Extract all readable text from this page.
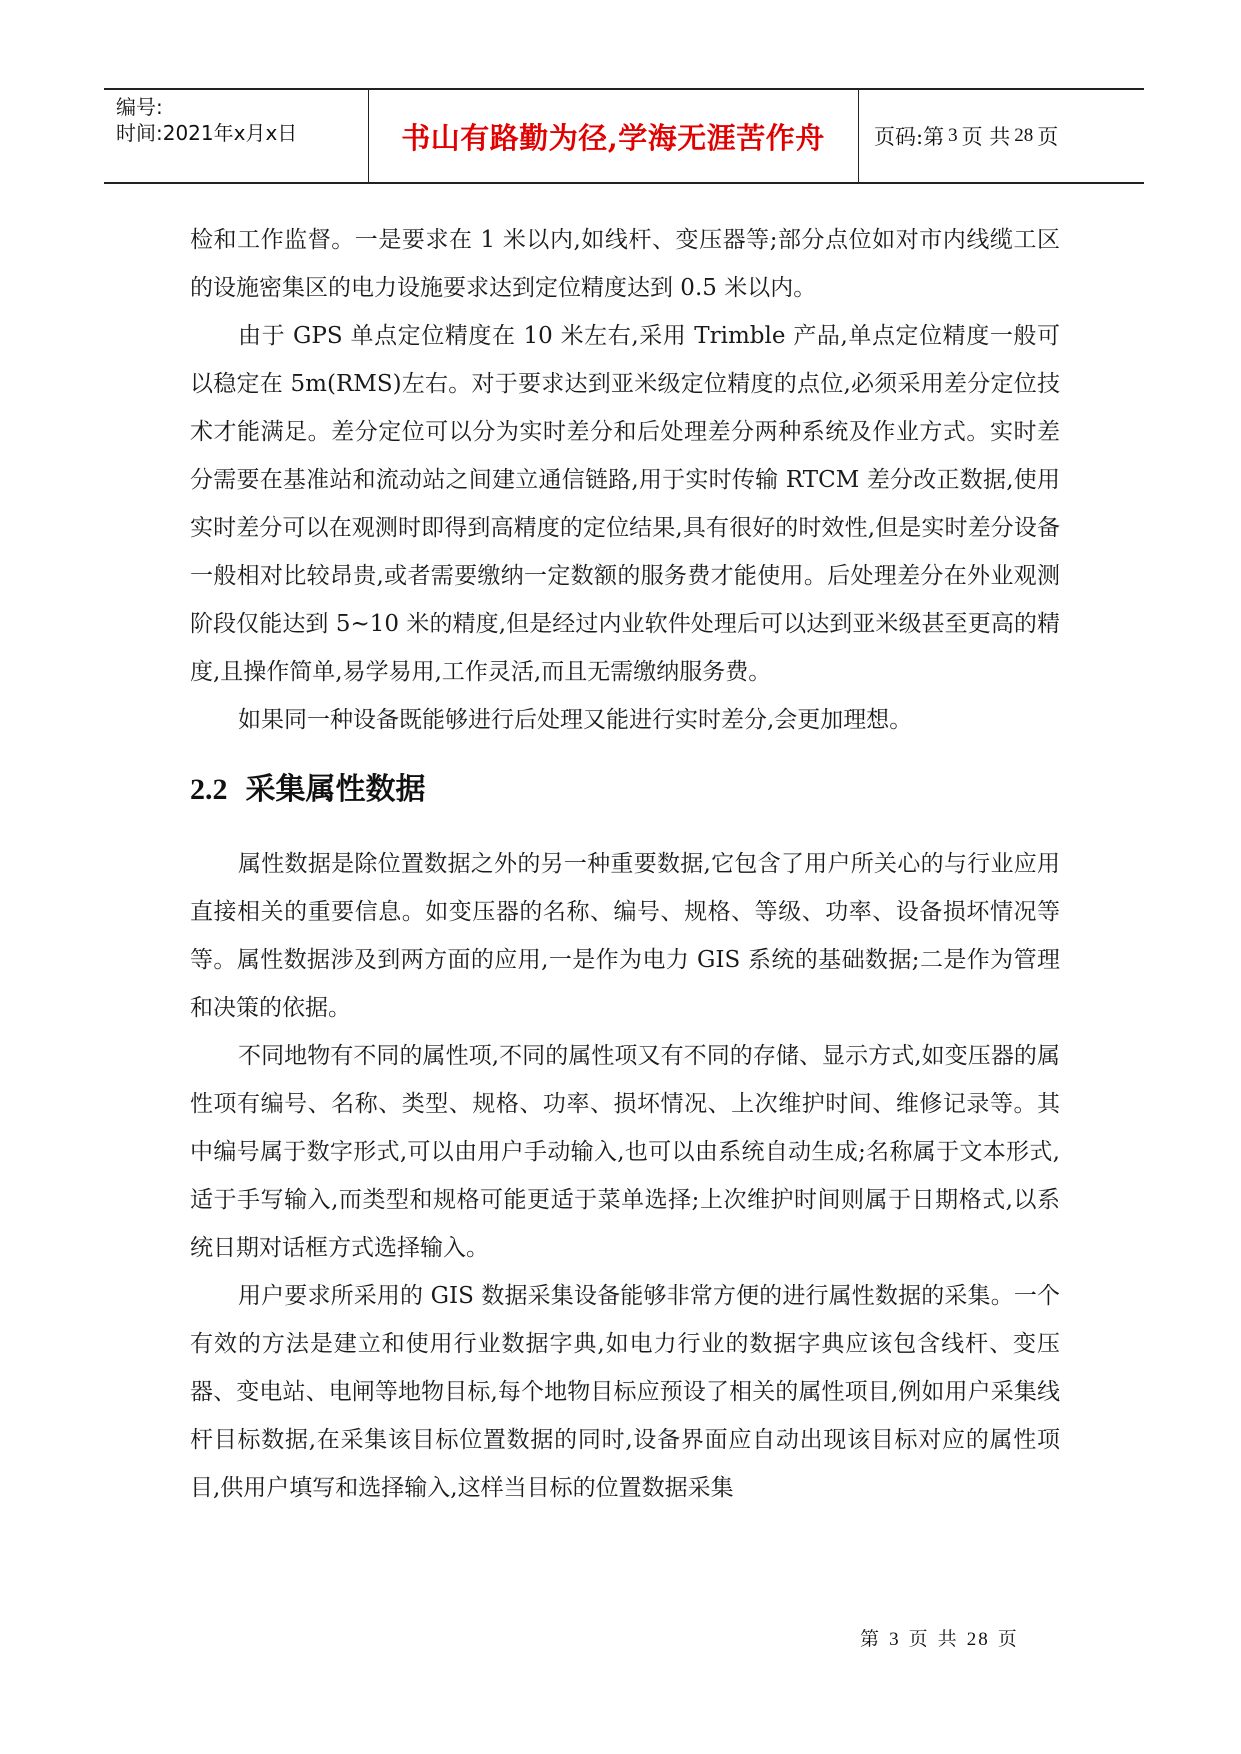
编号:
时间:2021年x月x日	书山有路勤为径,学海无涯苦作舟	页码:第 3 页 共 28 页

检和工作监督。一是要求在 1 米以内,如线杆、变压器等;部分点位如对市内线缆工区的设施密集区的电力设施要求达到定位精度达到 0.5 米以内。

由于 GPS 单点定位精度在 10 米左右,采用 Trimble 产品,单点定位精度一般可以稳定在 5m(RMS)左右。对于要求达到亚米级定位精度的点位,必须采用差分定位技术才能满足。差分定位可以分为实时差分和后处理差分两种系统及作业方式。实时差分需要在基准站和流动站之间建立通信链路,用于实时传输 RTCM 差分改正数据,使用实时差分可以在观测时即得到高精度的定位结果,具有很好的时效性,但是实时差分设备一般相对比较昂贵,或者需要缴纳一定数额的服务费才能使用。后处理差分在外业观测阶段仅能达到 5~10 米的精度,但是经过内业软件处理后可以达到亚米级甚至更高的精度,且操作简单,易学易用,工作灵活,而且无需缴纳服务费。

如果同一种设备既能够进行后处理又能进行实时差分,会更加理想。

2.2 采集属性数据

属性数据是除位置数据之外的另一种重要数据,它包含了用户所关心的与行业应用直接相关的重要信息。如变压器的名称、编号、规格、等级、功率、设备损坏情况等等。属性数据涉及到两方面的应用,一是作为电力 GIS 系统的基础数据;二是作为管理和决策的依据。

不同地物有不同的属性项,不同的属性项又有不同的存储、显示方式,如变压器的属性项有编号、名称、类型、规格、功率、损坏情况、上次维护时间、维修记录等。其中编号属于数字形式,可以由用户手动输入,也可以由系统自动生成;名称属于文本形式,适于手写输入,而类型和规格可能更适于菜单选择;上次维护时间则属于日期格式,以系统日期对话框方式选择输入。

用户要求所采用的 GIS 数据采集设备能够非常方便的进行属性数据的采集。一个有效的方法是建立和使用行业数据字典,如电力行业的数据字典应该包含线杆、变压器、变电站、电闸等地物目标,每个地物目标应预设了相关的属性项目,例如用户采集线杆目标数据,在采集该目标位置数据的同时,设备界面应自动出现该目标对应的属性项目,供用户填写和选择输入,这样当目标的位置数据采集

第 3 页 共 28 页
